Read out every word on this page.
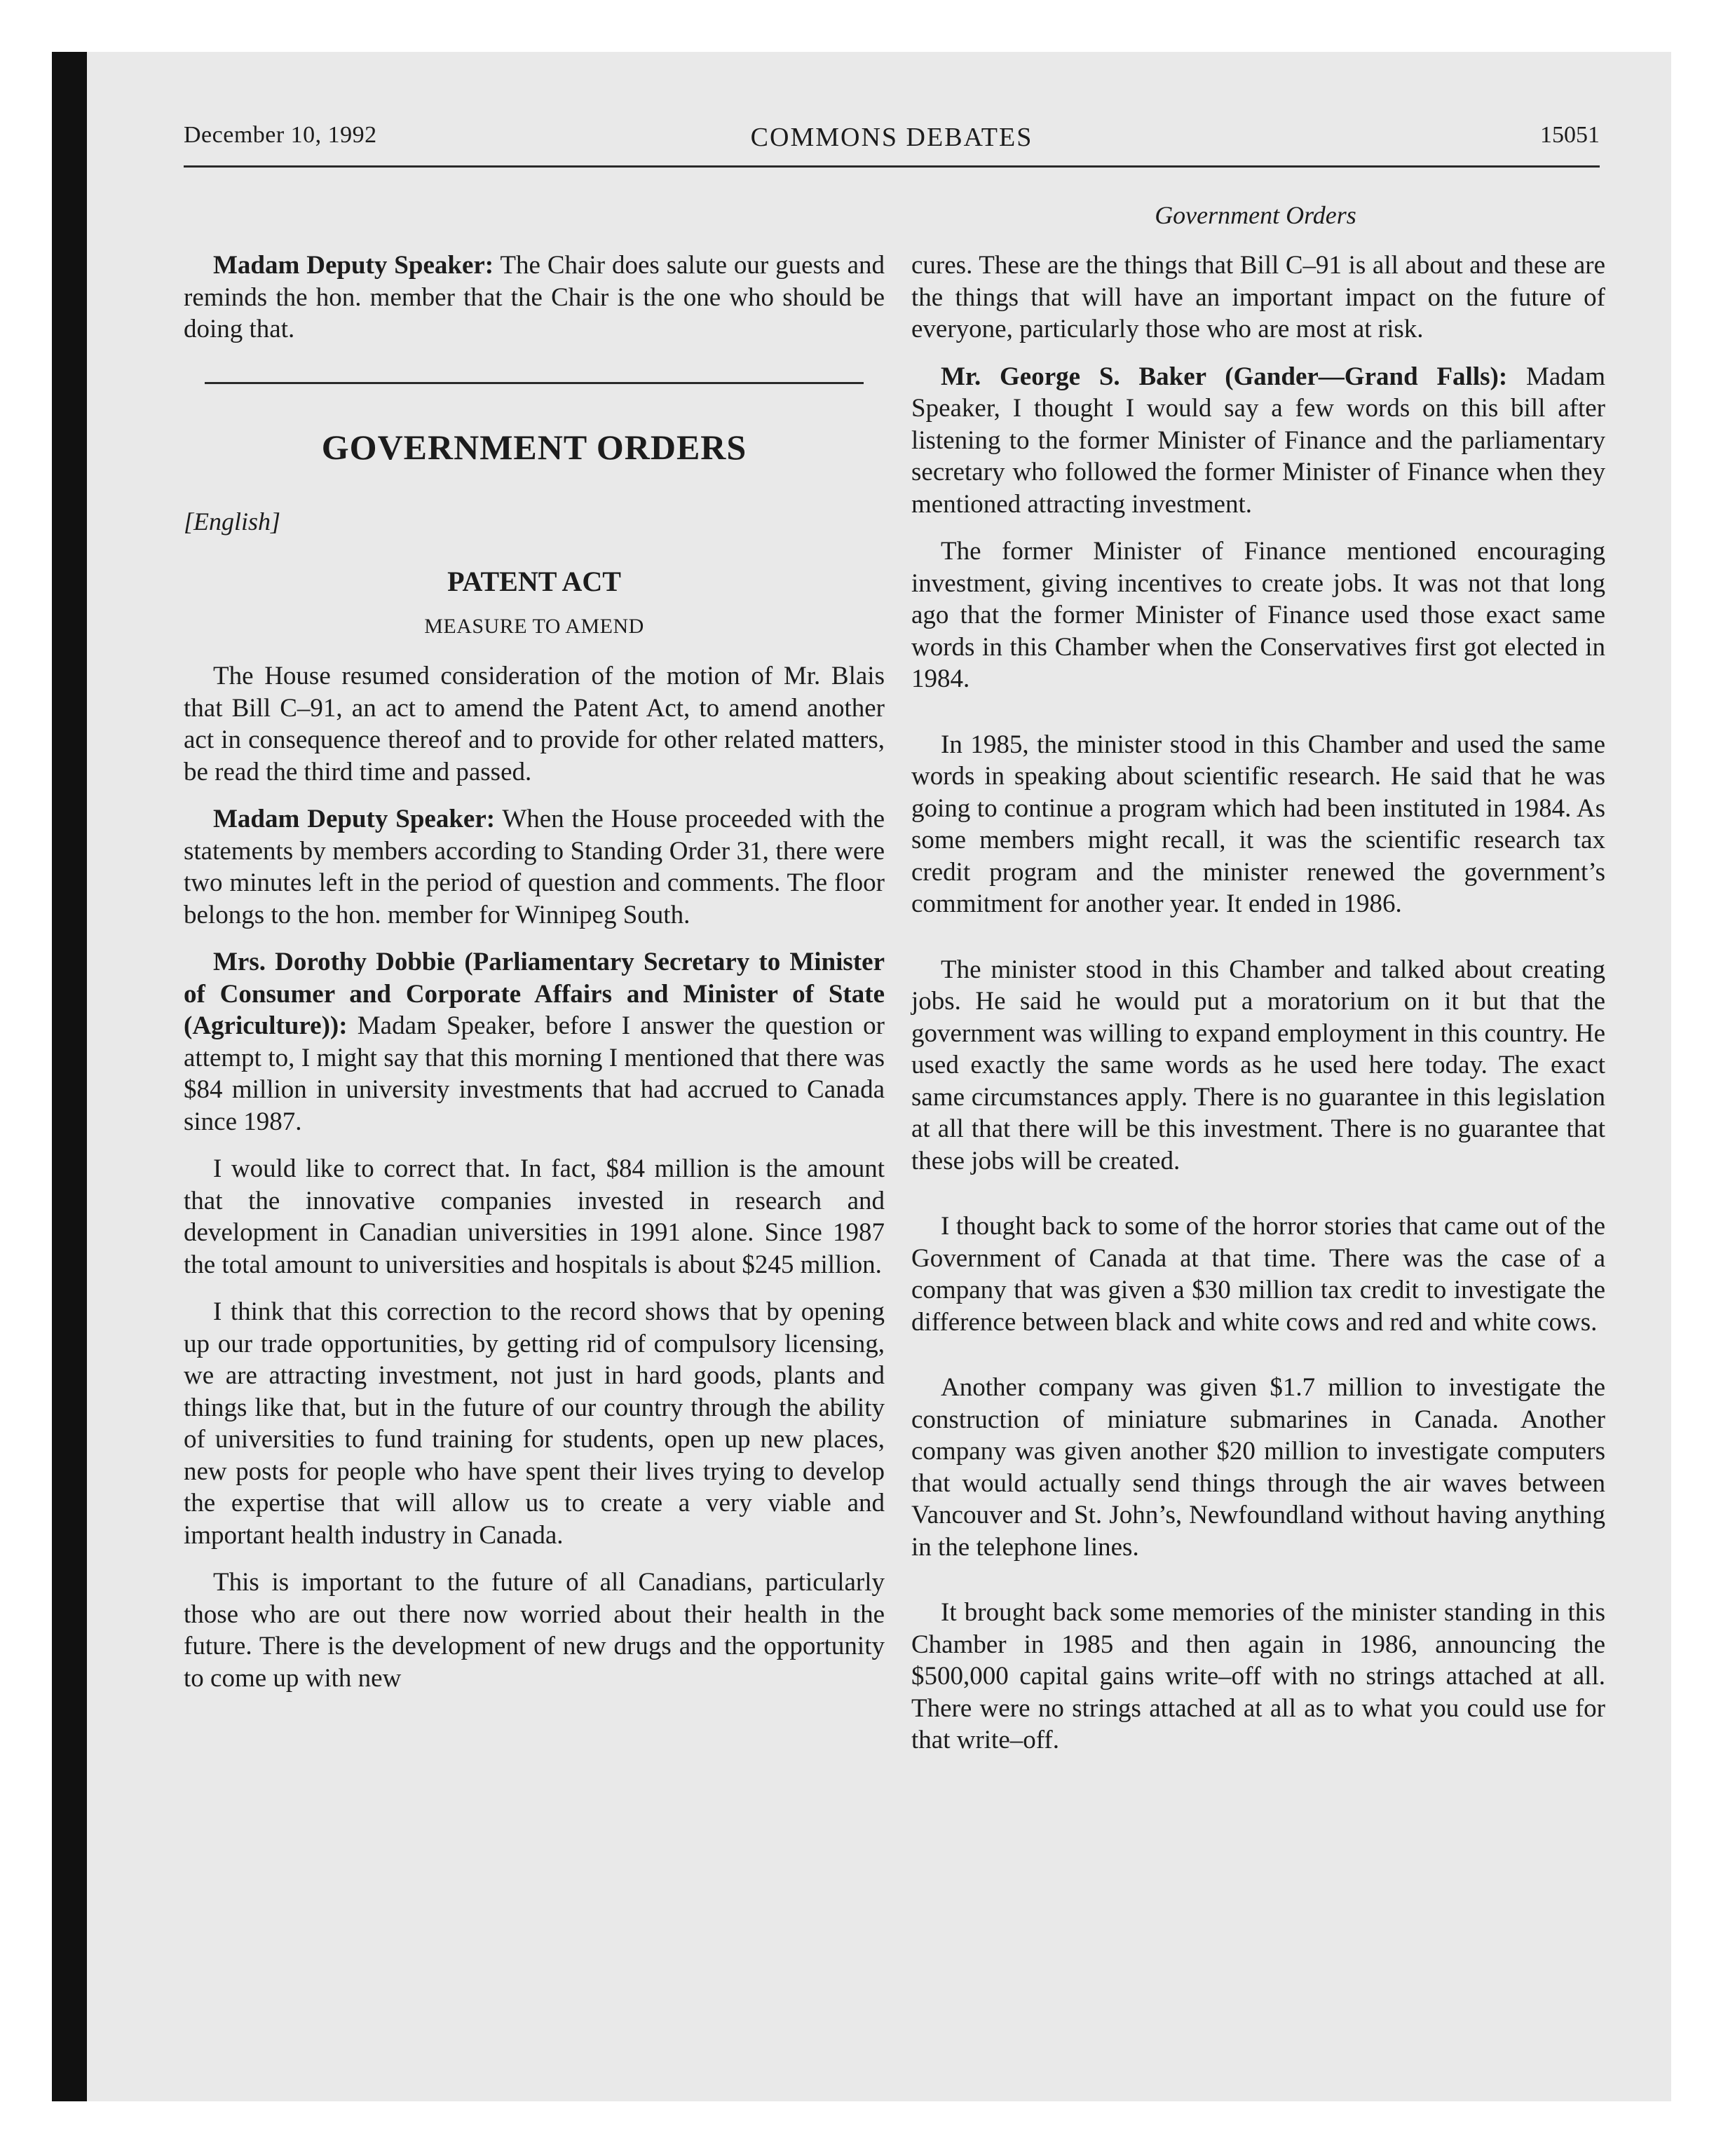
December 10, 1992	COMMONS DEBATES	15051
Government Orders

Madam Deputy Speaker: The Chair does salute our guests and reminds the hon. member that the Chair is the one who should be doing that.

GOVERNMENT ORDERS

[English]

PATENT ACT
MEASURE TO AMEND

The House resumed consideration of the motion of Mr. Blais that Bill C–91, an act to amend the Patent Act, to amend another act in consequence thereof and to provide for other related matters, be read the third time and passed.

Madam Deputy Speaker: When the House proceeded with the statements by members according to Standing Order 31, there were two minutes left in the period of question and comments. The floor belongs to the hon. member for Winnipeg South.

Mrs. Dorothy Dobbie (Parliamentary Secretary to Minister of Consumer and Corporate Affairs and Minister of State (Agriculture)): Madam Speaker, before I answer the question or attempt to, I might say that this morning I mentioned that there was $84 million in university investments that had accrued to Canada since 1987.

I would like to correct that. In fact, $84 million is the amount that the innovative companies invested in research and development in Canadian universities in 1991 alone. Since 1987 the total amount to universities and hospitals is about $245 million.

I think that this correction to the record shows that by opening up our trade opportunities, by getting rid of compulsory licensing, we are attracting investment, not just in hard goods, plants and things like that, but in the future of our country through the ability of universities to fund training for students, open up new places, new posts for people who have spent their lives trying to develop the expertise that will allow us to create a very viable and important health industry in Canada.

This is important to the future of all Canadians, particularly those who are out there now worried about their health in the future. There is the development of new drugs and the opportunity to come up with new

cures. These are the things that Bill C–91 is all about and these are the things that will have an important impact on the future of everyone, particularly those who are most at risk.

Mr. George S. Baker (Gander—Grand Falls): Madam Speaker, I thought I would say a few words on this bill after listening to the former Minister of Finance and the parliamentary secretary who followed the former Minister of Finance when they mentioned attracting investment.

The former Minister of Finance mentioned encouraging investment, giving incentives to create jobs. It was not that long ago that the former Minister of Finance used those exact same words in this Chamber when the Conservatives first got elected in 1984.

In 1985, the minister stood in this Chamber and used the same words in speaking about scientific research. He said that he was going to continue a program which had been instituted in 1984. As some members might recall, it was the scientific research tax credit program and the minister renewed the government’s commitment for another year. It ended in 1986.

The minister stood in this Chamber and talked about creating jobs. He said he would put a moratorium on it but that the government was willing to expand employment in this country. He used exactly the same words as he used here today. The exact same circumstances apply. There is no guarantee in this legislation at all that there will be this investment. There is no guarantee that these jobs will be created.

I thought back to some of the horror stories that came out of the Government of Canada at that time. There was the case of a company that was given a $30 million tax credit to investigate the difference between black and white cows and red and white cows.

Another company was given $1.7 million to investigate the construction of miniature submarines in Canada. Another company was given another $20 million to investigate computers that would actually send things through the air waves between Vancouver and St. John’s, Newfoundland without having anything in the telephone lines.

It brought back some memories of the minister standing in this Chamber in 1985 and then again in 1986, announcing the $500,000 capital gains write–off with no strings attached at all. There were no strings attached at all as to what you could use for that write–off.
